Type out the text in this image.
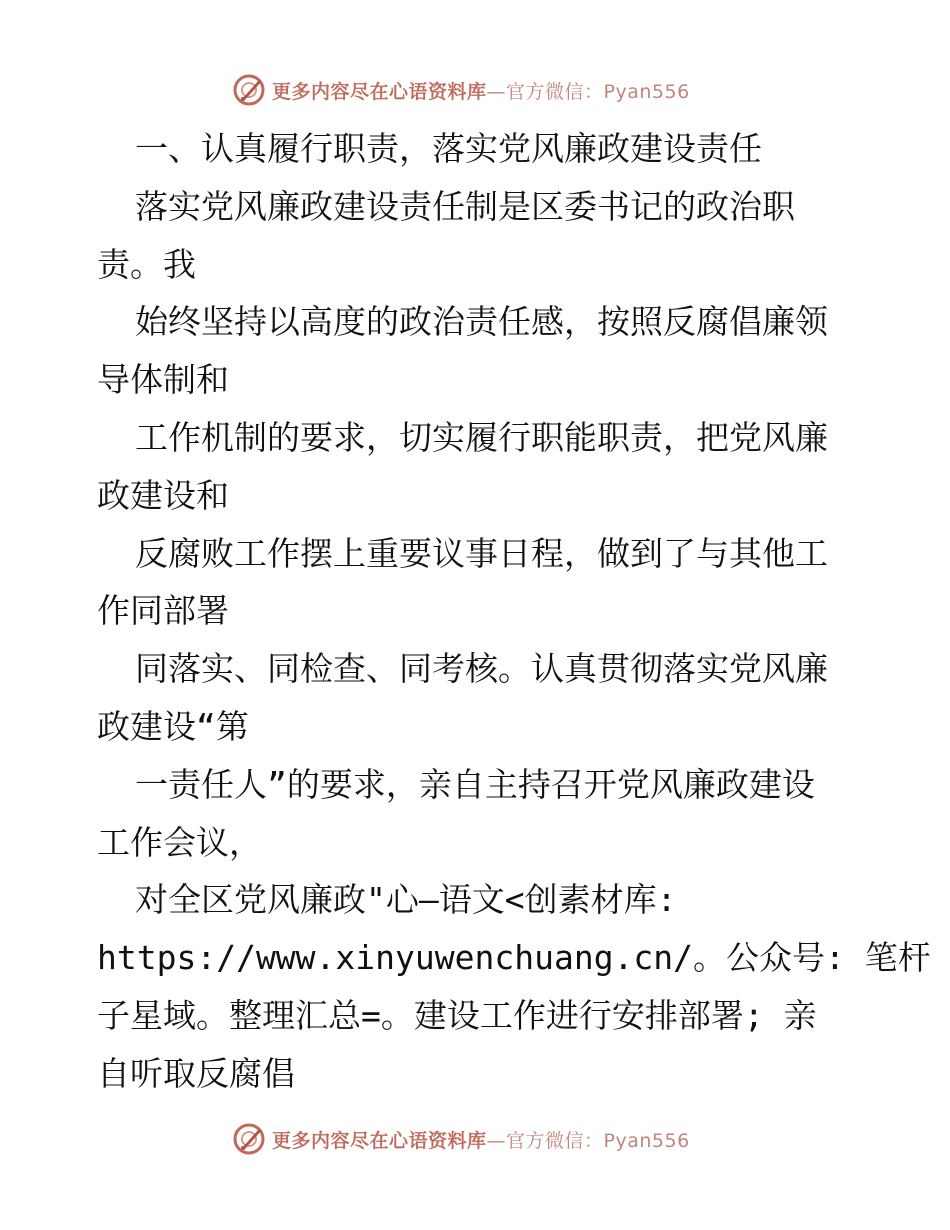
更多内容尽在心语资料库—官方微信：Pyan556
一、认真履行职责，落实党风廉政建设责任
落实党风廉政建设责任制是区委书记的政治职
责。我
始终坚持以高度的政治责任感，按照反腐倡廉领
导体制和
工作机制的要求，切实履行职能职责，把党风廉
政建设和
反腐败工作摆上重要议事日程，做到了与其他工
作同部署
同落实、同检查、同考核。认真贯彻落实党风廉
政建设“第
一责任人”的要求，亲自主持召开党风廉政建设
工作会议，
对全区党风廉政"心—语文<创素材库:
https://www.xinyuwenchuang.cn/。公众号: 笔杆
子星域。整理汇总=。建设工作进行安排部署; 亲
自听取反腐倡
更多内容尽在心语资料库—官方微信：Pyan556
